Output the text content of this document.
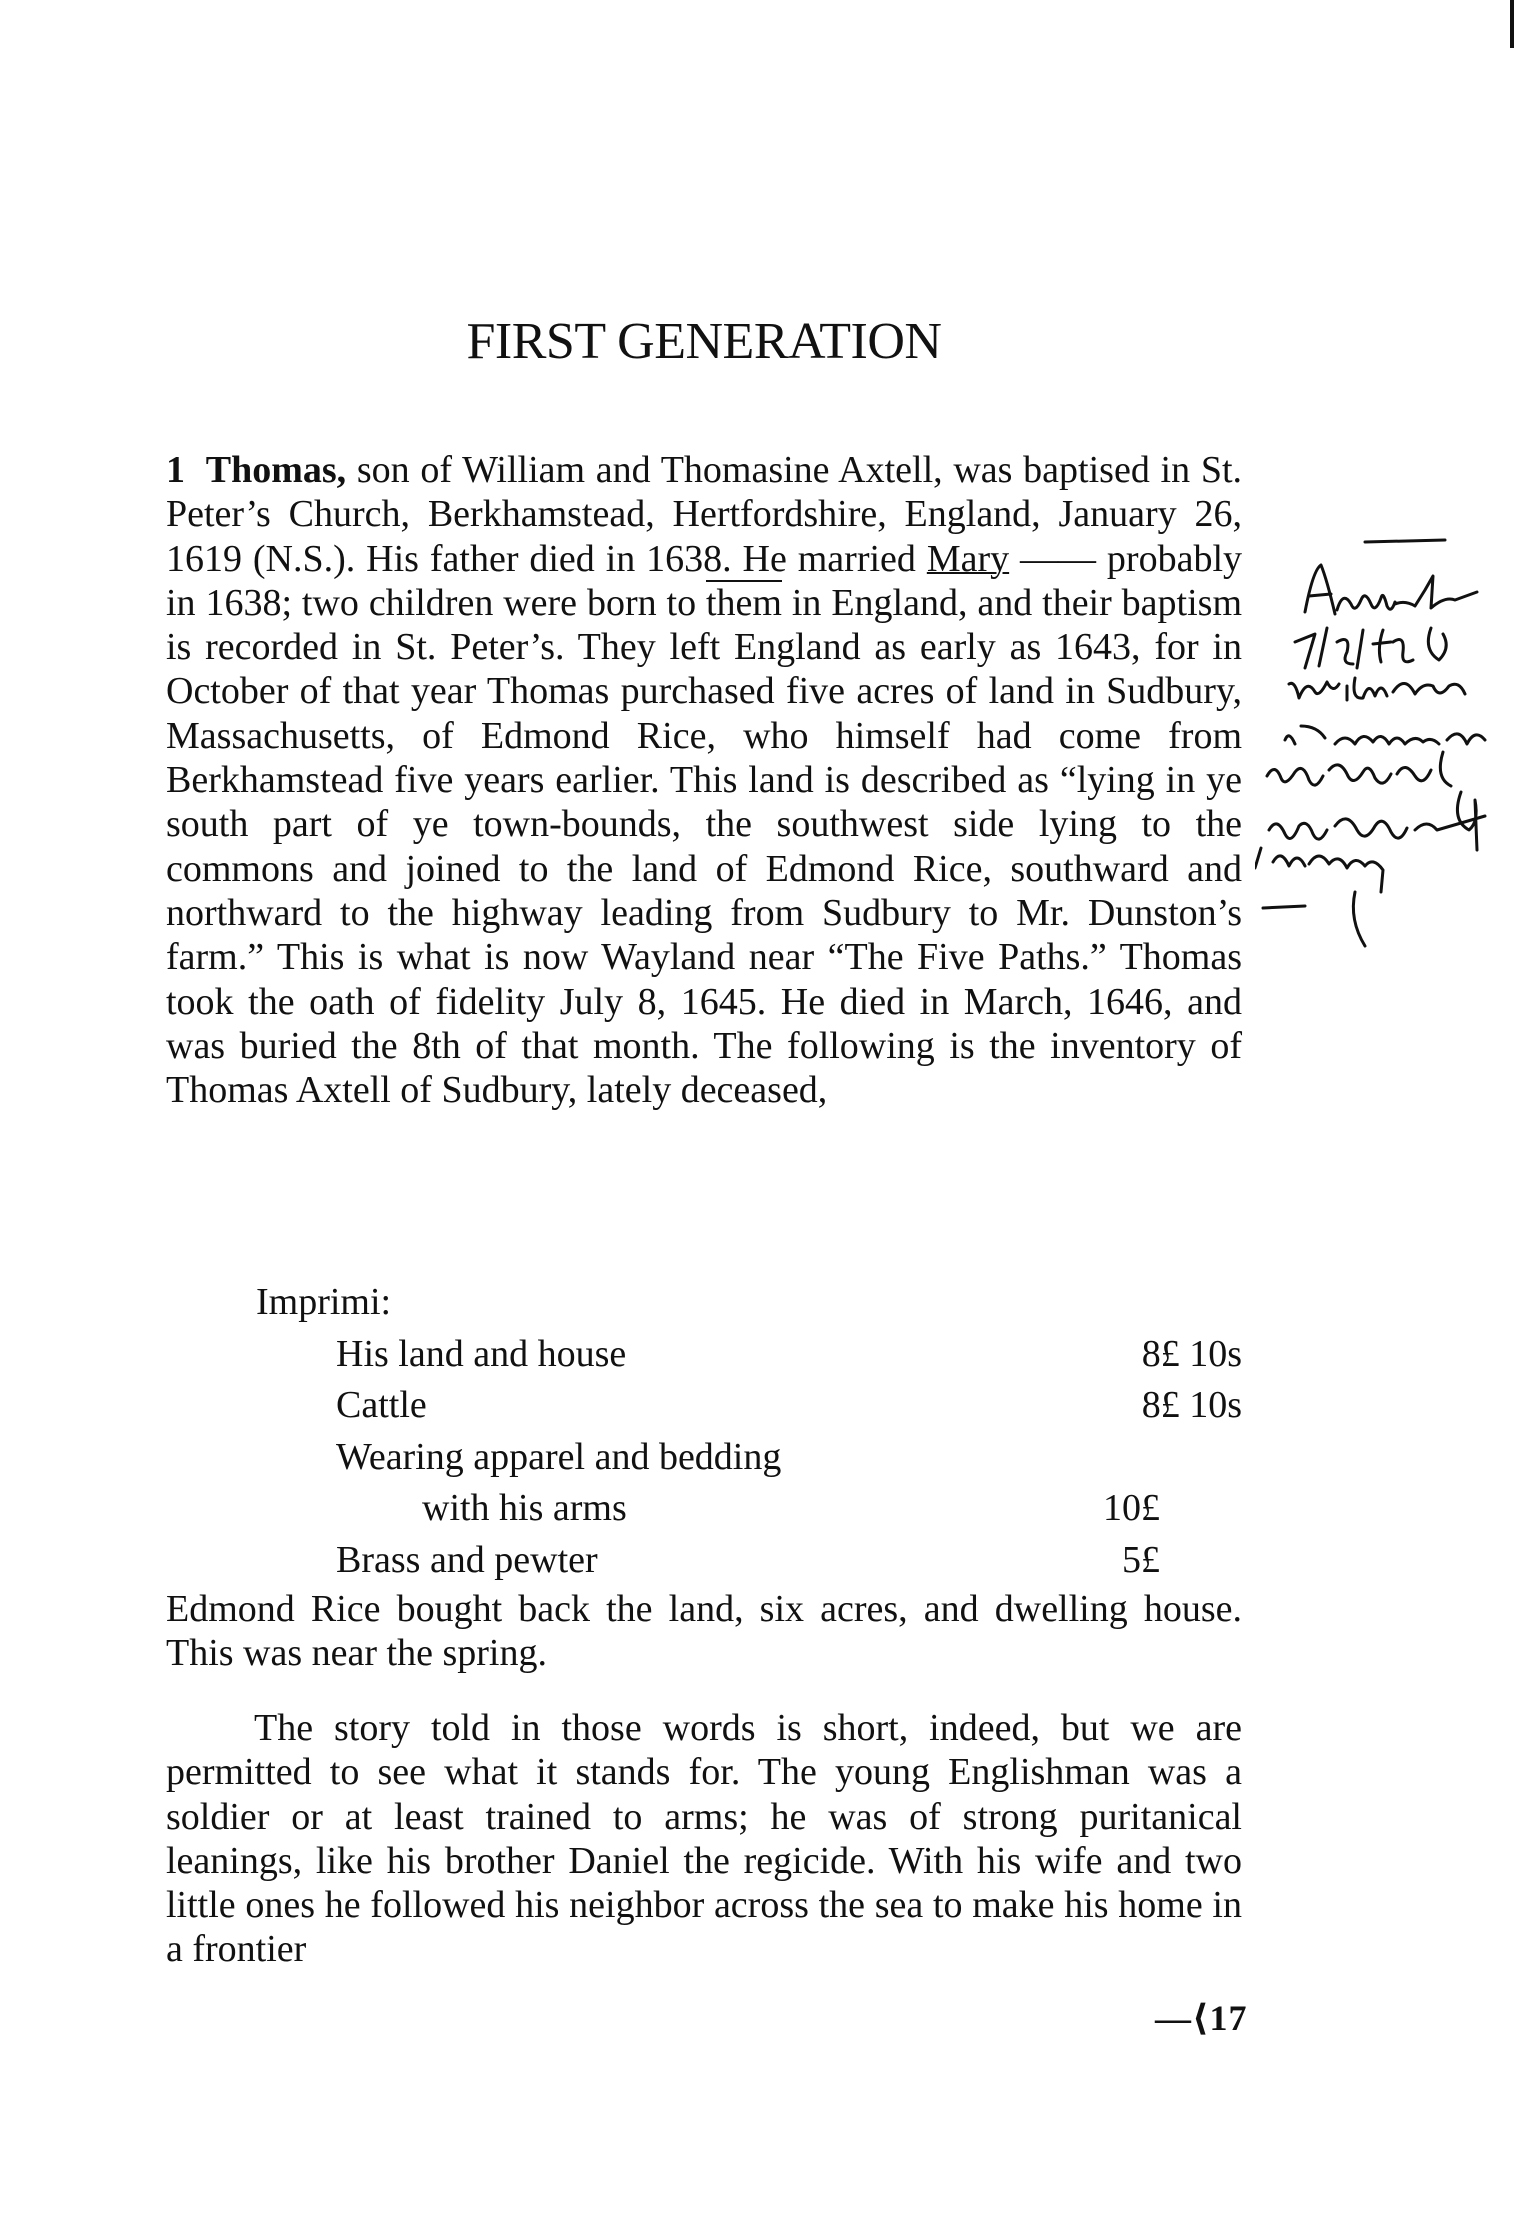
FIRST GENERATION

1 Thomas, son of William and Thomasine Axtell, was baptised in St. Peter’s Church, Berkhamstead, Hertfordshire, England, January 26, 1619 (N.S.). His father died in 1638. He married Mary —— probably in 1638; two children were born to them in England, and their baptism is recorded in St. Peter’s. They left England as early as 1643, for in October of that year Thomas purchased five acres of land in Sudbury, Massachusetts, of Edmond Rice, who himself had come from Berkhamstead five years earlier. This land is described as “lying in ye south part of ye town-bounds, the southwest side lying to the commons and joined to the land of Edmond Rice, southward and northward to the highway leading from Sudbury to Mr. Dunston’s farm.” This is what is now Wayland near “The Five Paths.” Thomas took the oath of fidelity July 8, 1645. He died in March, 1646, and was buried the 8th of that month. The following is the inventory of Thomas Axtell of Sudbury, lately deceased,

Imprimi:
His land and house	8£ 10s
Cattle	8£ 10s
Wearing apparel and bedding
with his arms	10£
Brass and pewter	5£

Edmond Rice bought back the land, six acres, and dwelling house. This was near the spring.

The story told in those words is short, indeed, but we are permitted to see what it stands for. The young Englishman was a soldier or at least trained to arms; he was of strong puritanical leanings, like his brother Daniel the regicide. With his wife and two little ones he followed his neighbor across the sea to make his home in a frontier

—⟨17
